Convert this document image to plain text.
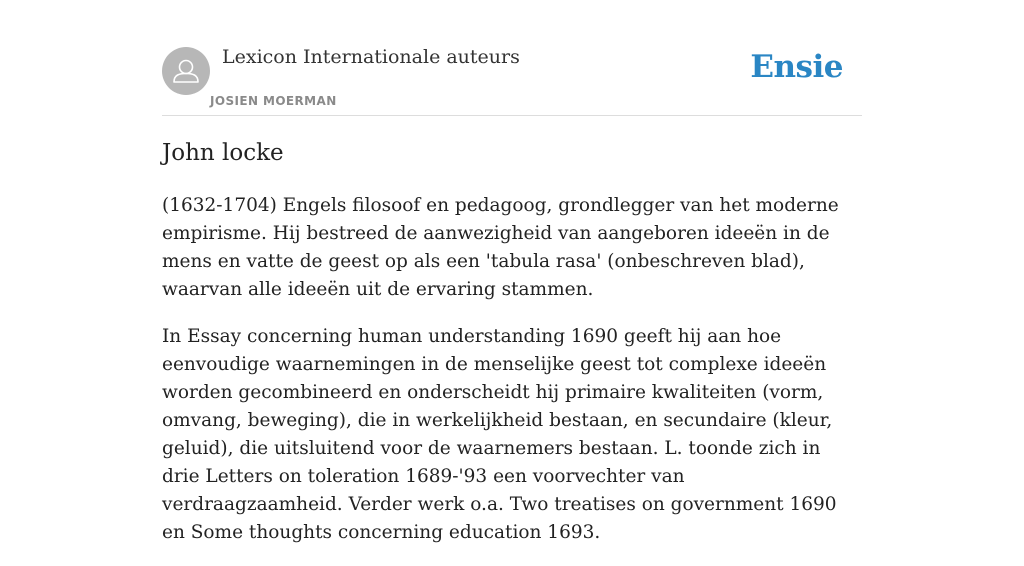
Lexicon Internationale auteurs
JOSIEN MOERMAN
Ensie
John locke

(1632-1704) Engels filosoof en pedagoog, grondlegger van het moderne empirisme. Hij bestreed de aanwezigheid van aangeboren ideeën in de mens en vatte de geest op als een 'tabula rasa' (onbeschreven blad), waarvan alle ideeën uit de ervaring stammen.

In Essay concerning human understanding 1690 geeft hij aan hoe eenvoudige waarnemingen in de menselijke geest tot complexe ideeën worden gecombineerd en onderscheidt hij primaire kwaliteiten (vorm, omvang, beweging), die in werkelijkheid bestaan, en secundaire (kleur, geluid), die uitsluitend voor de waarnemers bestaan. L. toonde zich in drie Letters on toleration 1689-'93 een voorvechter van verdraagzaamheid. Verder werk o.a. Two treatises on government 1690 en Some thoughts concerning education 1693.
